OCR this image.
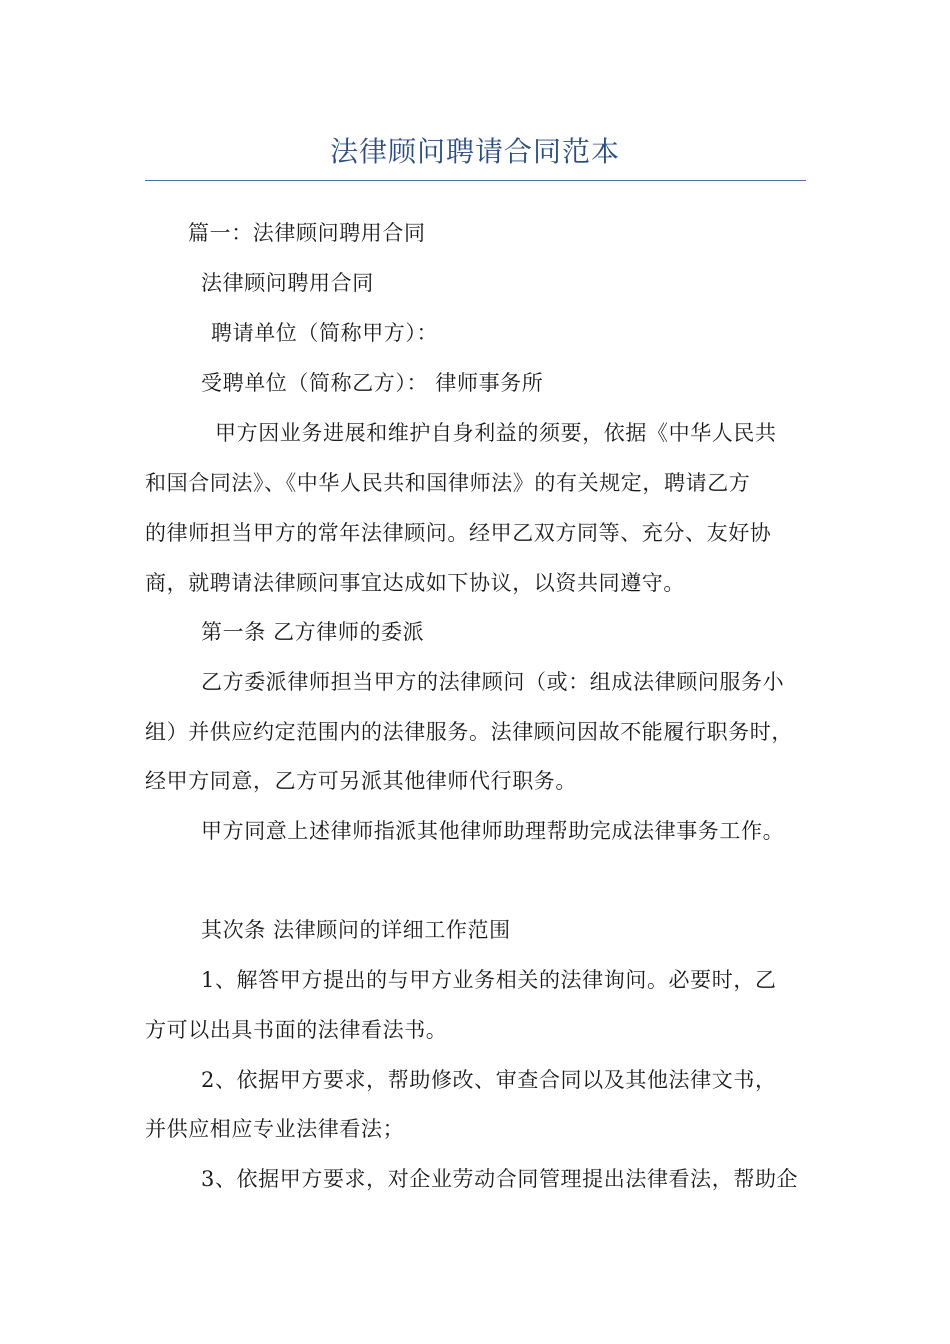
法律顾问聘请合同范本
篇一：法律顾问聘用合同
法律顾问聘用合同
聘请单位（简称甲方）：
受聘单位（简称乙方）： 律师事务所
甲方因业务进展和维护自身利益的须要，依据《中华人民共
和国合同法》、《中华人民共和国律师法》的有关规定，聘请乙方
的律师担当甲方的常年法律顾问。经甲乙双方同等、充分、友好协
商，就聘请法律顾问事宜达成如下协议，以资共同遵守。
第一条 乙方律师的委派
乙方委派律师担当甲方的法律顾问（或：组成法律顾问服务小
组）并供应约定范围内的法律服务。法律顾问因故不能履行职务时，
经甲方同意，乙方可另派其他律师代行职务。
甲方同意上述律师指派其他律师助理帮助完成法律事务工作。
其次条 法律顾问的详细工作范围
1、解答甲方提出的与甲方业务相关的法律询问。必要时，乙
方可以出具书面的法律看法书。
2、依据甲方要求，帮助修改、审查合同以及其他法律文书，
并供应相应专业法律看法；
3、依据甲方要求，对企业劳动合同管理提出法律看法，帮助企
